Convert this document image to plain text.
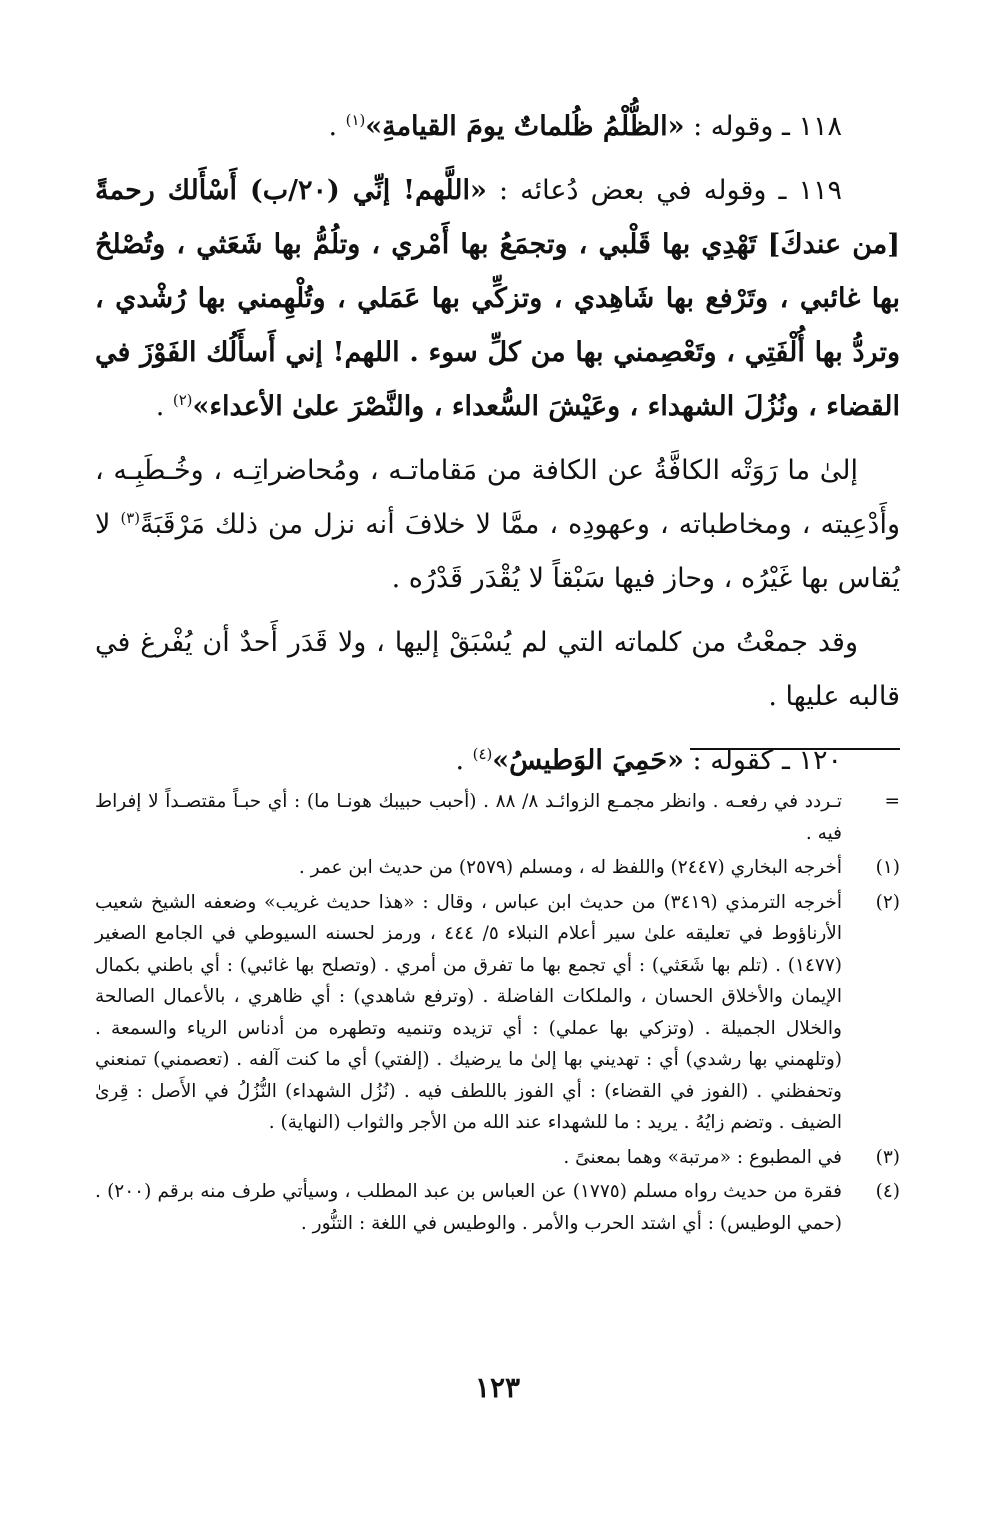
١١٨ ـ وقوله : «الظُّلْمُ ظُلماتٌ يومَ القيامةِ»$^{(١)}$ .

١١٩ ـ وقوله في بعض دُعائه : «اللَّهم! إنِّي (٢٠/ب) أَسْأَلك رحمةً [من عندكَ] تَهْدِي بها قَلْبي ، وتجمَعُ بها أَمْري ، وتلُمُّ بها شَعَثي ، وتُصْلحُ بها غائبي ، وتَرْفع بها شَاهِدي ، وتزكِّي بها عَمَلي ، وتُلْهِمني بها رُشْدي ، وتردُّ بها أُلْفَتِي ، وتَعْصِمني بها من كلِّ سوء . اللهم! إني أَسأَلُك الفَوْزَ في القضاء ، ونُزُلَ الشهداء ، وعَيْشَ السُّعداء ، والنَّصْرَ علىٰ الأعداء»$^{(٢)}$ .

إلىٰ ما رَوَتْه الكافَّةُ عن الكافة من مَقاماتـه ، ومُحاضراتِـه ، وخُـطَبِـه ، وأَدْعِيته ، ومخاطباته ، وعهودِه ، ممَّا لا خلافَ أنه نزل من ذلك مَرْقَبَةً$^{(٣)}$ لا يُقاس بها غَيْرُه ، وحاز فيها سَبْقاً لا يُقْدَر قَدْرُه .

وقد جمعْتُ من كلماته التي لم يُسْبَقْ إليها ، ولا قَدَر أَحدٌ أن يُفْرغ في قالبه عليها .

١٢٠ ـ كقوله : «حَمِيَ الوَطيسُ»$^{(٤)}$ .

=
تـردد في رفعـه . وانظر مجمـع الزوائـد ٨/ ٨٨ . (أحبب حبيبك هونـا ما) : أي حبـاً مقتصـداً لا إفراط فيه .
(١)
أخرجه البخاري (٢٤٤٧) واللفظ له ، ومسلم (٢٥٧٩) من حديث ابن عمر .
(٢)
أخرجه الترمذي (٣٤١٩) من حديث ابن عباس ، وقال : «هذا حديث غريب» وضعفه الشيخ شعيب الأرناؤوط في تعليقه علىٰ سير أعلام النبلاء ٥/ ٤٤٤ ، ورمز لحسنه السيوطي في الجامع الصغير (١٤٧٧) . (تلم بها شَعَثي) : أي تجمع بها ما تفرق من أمري . (وتصلح بها غائبي) : أي باطني بكمال الإيمان والأخلاق الحسان ، والملكات الفاضلة . (وترفع شاهدي) : أي ظاهري ، بالأعمال الصالحة والخلال الجميلة . (وتزكي بها عملي) : أي تزيده وتنميه وتطهره من أدناس الرياء والسمعة . (وتلهمني بها رشدي) أي : تهديني بها إلىٰ ما يرضيك . (إلفتي) أي ما كنت آلفه . (تعصمني) تمنعني وتحفظني . (الفوز في القضاء) : أي الفوز باللطف فيه . (نُزُل الشهداء) النُّزُلُ في الأَصل : قِرىٰ الضيف . وتضم زايُهُ . يريد : ما للشهداء عند الله من الأجر والثواب (النهاية) .
(٣)
في المطبوع : «مرتبة» وهما بمعنىً .
(٤)
فقرة من حديث رواه مسلم (١٧٧٥) عن العباس بن عبد المطلب ، وسيأتي طرف منه برقم (٢٠٠) . (حمي الوطيس) : أي اشتد الحرب والأمر . والوطيس في اللغة : التنُّور .
١٢٣
